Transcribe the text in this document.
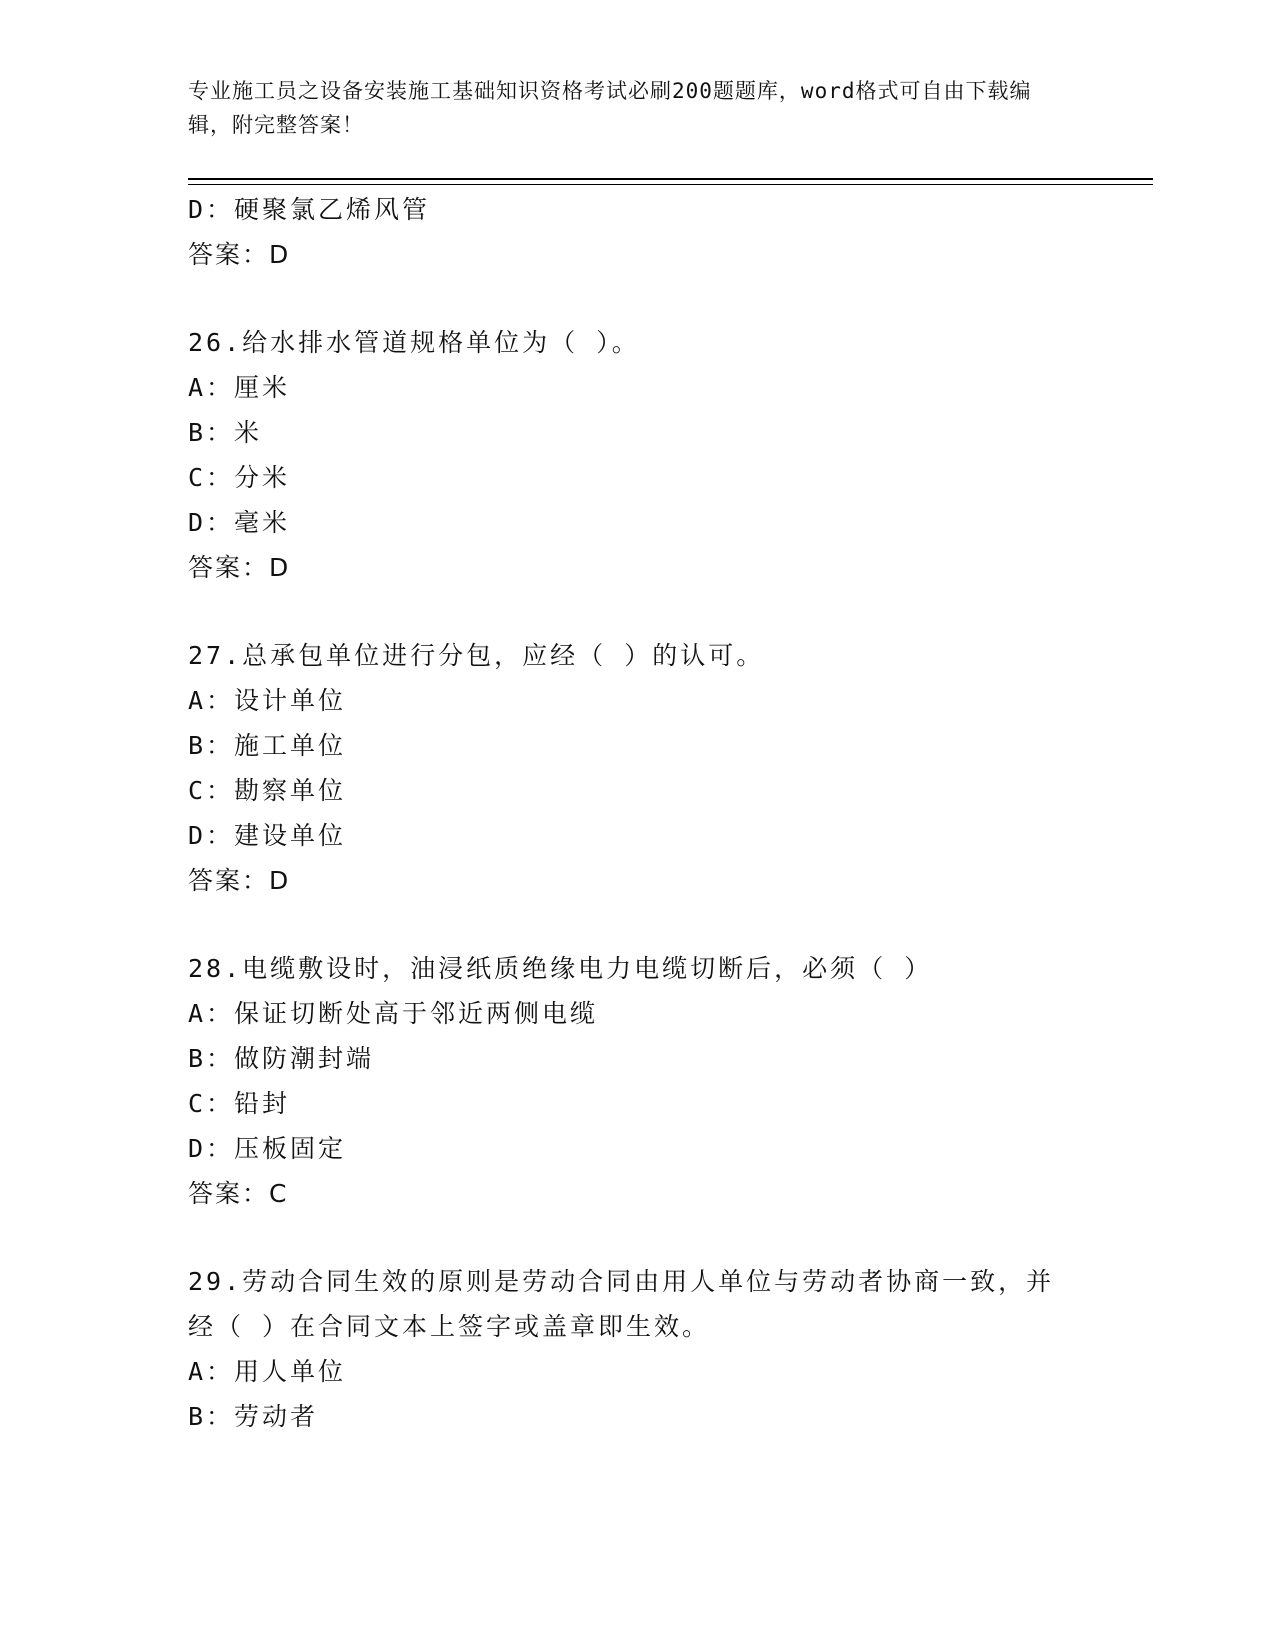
专业施工员之设备安装施工基础知识资格考试必刷200题题库，word格式可自由下载编辑，附完整答案！
D：硬聚氯乙烯风管
答案：D
26.给水排水管道规格单位为（ ）。
A：厘米
B：米
C：分米
D：毫米
答案：D
27.总承包单位进行分包，应经（ ）的认可。
A：设计单位
B：施工单位
C：勘察单位
D：建设单位
答案：D
28.电缆敷设时，油浸纸质绝缘电力电缆切断后，必须（ ）
A：保证切断处高于邻近两侧电缆
B：做防潮封端
C：铅封
D：压板固定
答案：C
29.劳动合同生效的原则是劳动合同由用人单位与劳动者协商一致，并经（ ）在合同文本上签字或盖章即生效。
A：用人单位
B：劳动者
